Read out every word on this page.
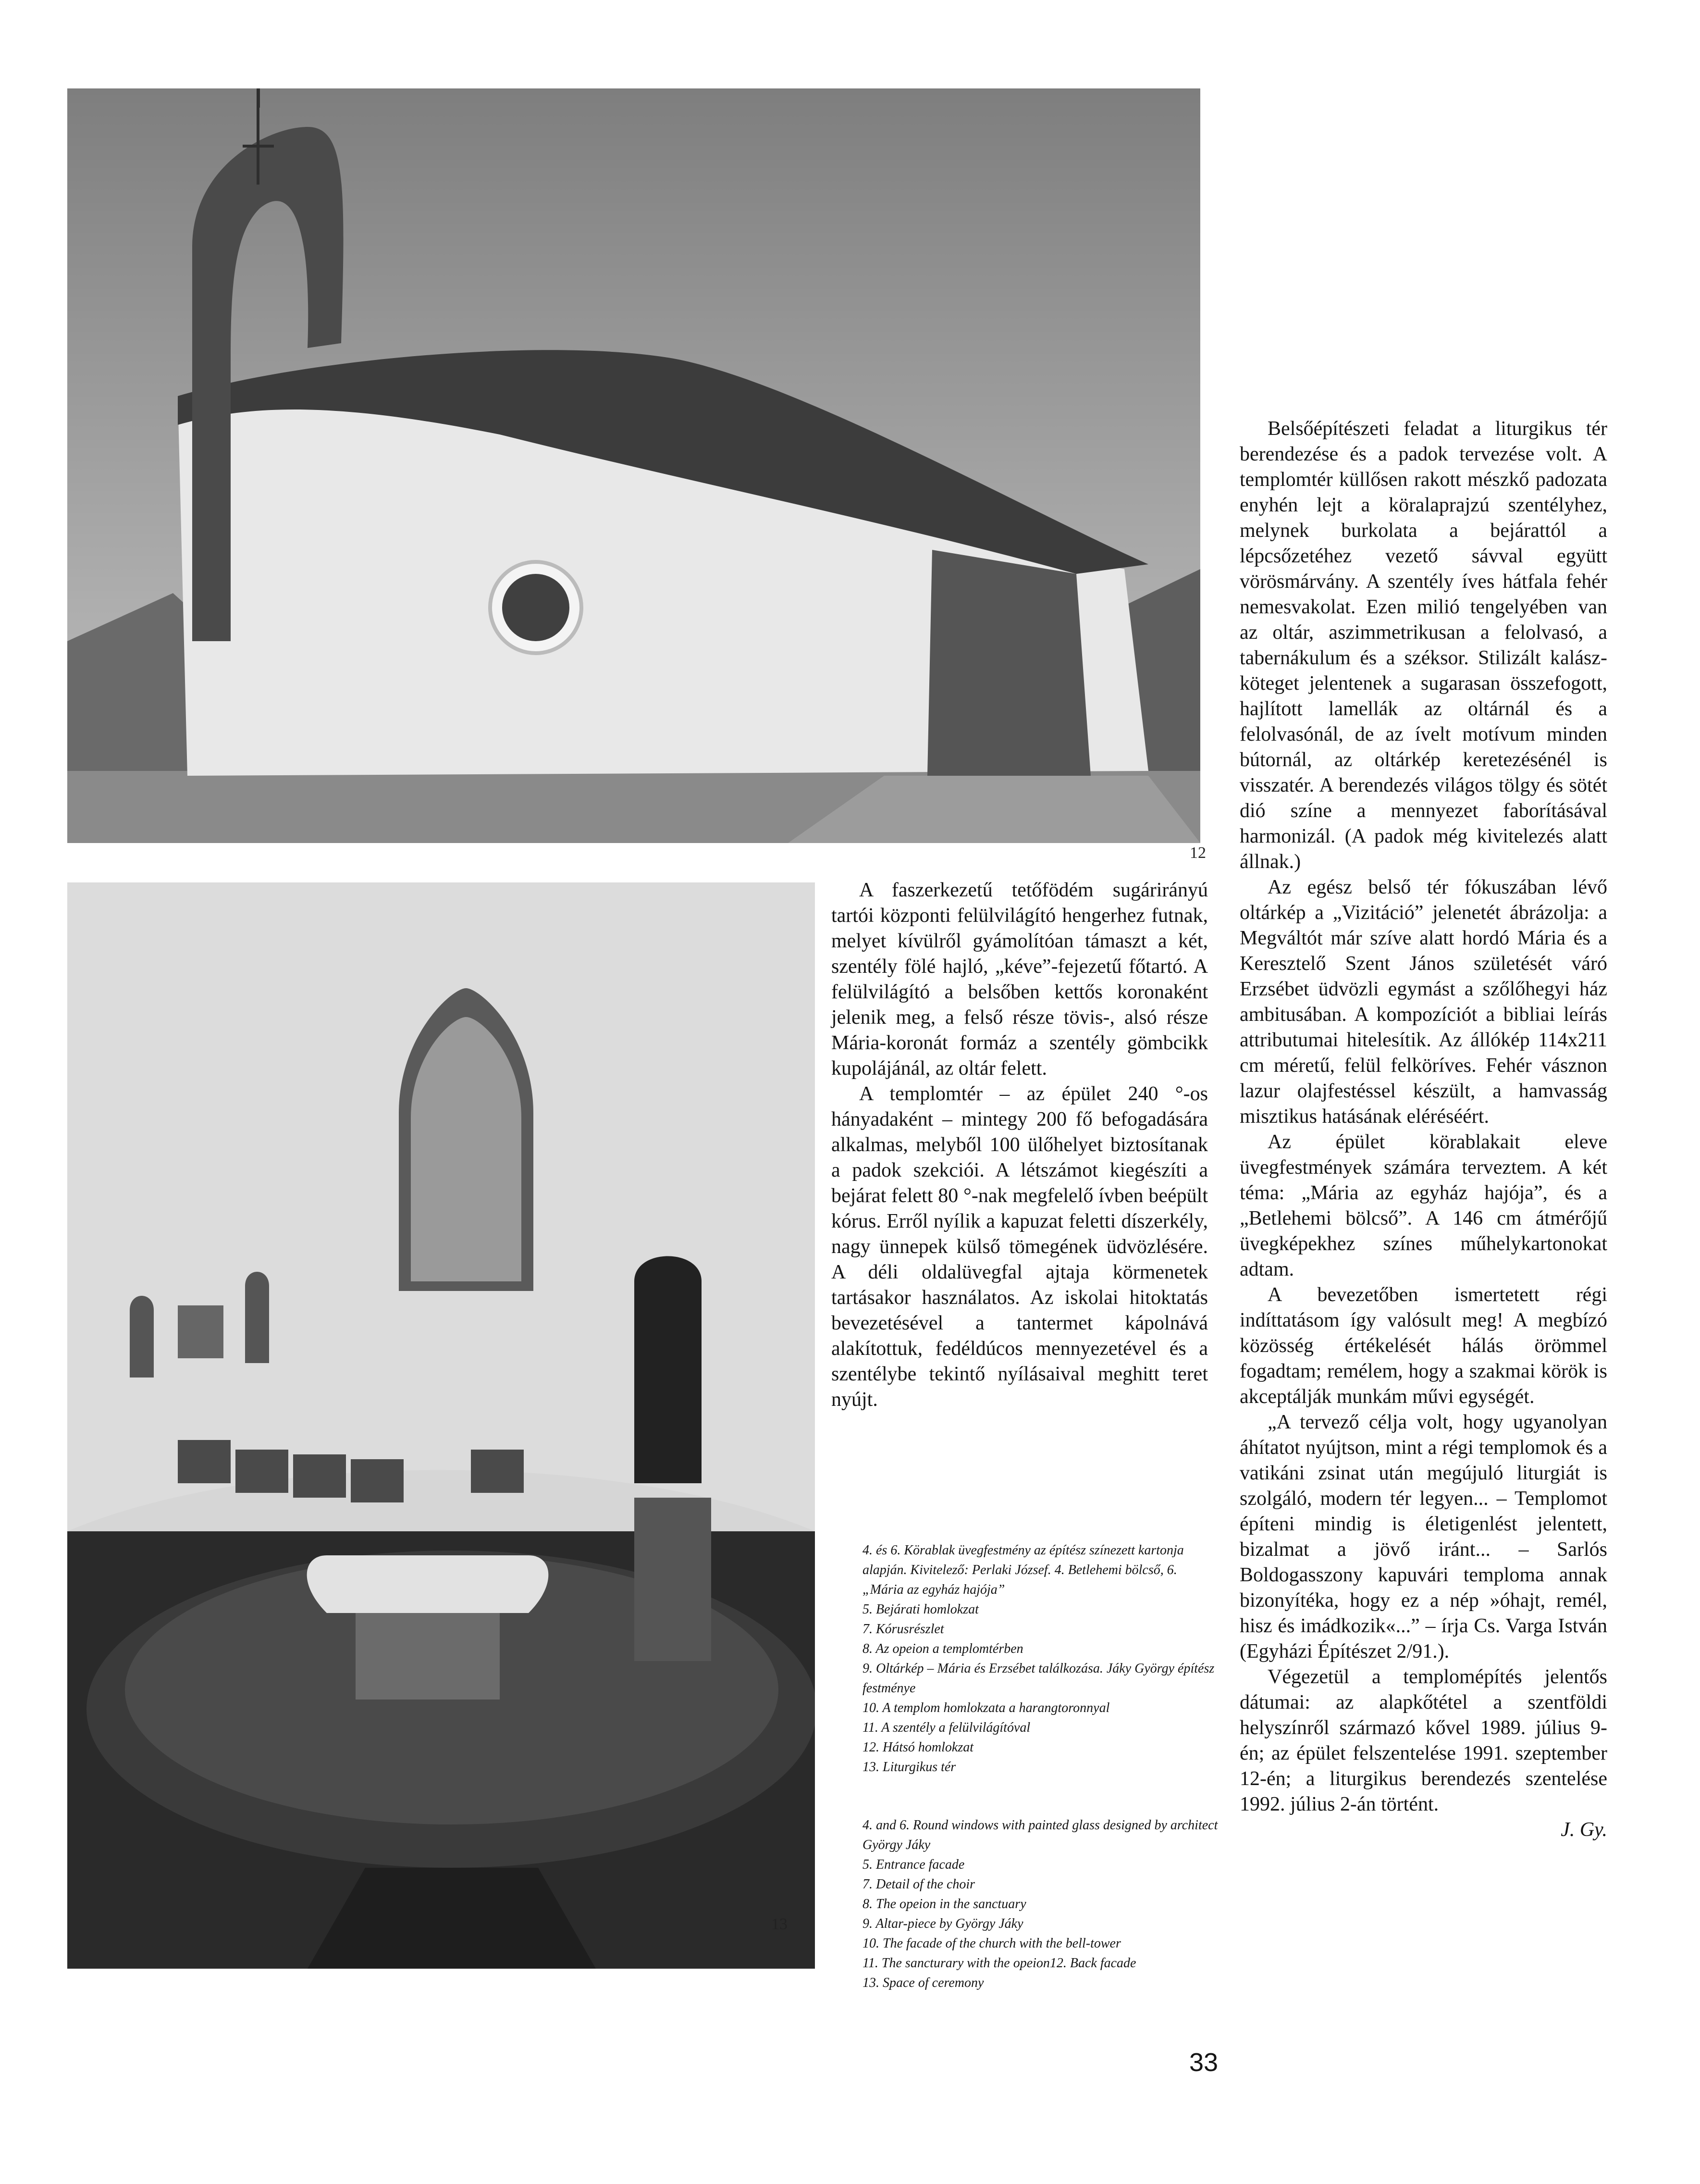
12
13

A faszerkezetű tetőfödém sugárirányú tartói központi felülvilágító hengerhez futnak, melyet kívülről gyámolítóan támaszt a két, szentély fölé hajló, „kéve”-fejezetű főtartó. A felülvilágító a belsőben kettős koronaként jelenik meg, a felső része tövis-, alsó része Mária-koronát formáz a szentély gömbcikk kupolájánál, az oltár felett.

A templomtér – az épület 240 °-os hányadaként – mintegy 200 fő befogadására alkalmas, melyből 100 ülőhelyet biztosítanak a padok szekciói. A létszámot kiegészíti a bejárat felett 80 °-nak megfelelő ívben beépült kórus. Erről nyílik a kapuzat feletti díszerkély, nagy ünnepek külső tömegének üdvözlésére. A déli oldalüvegfal ajtaja körmenetek tartásakor használatos. Az iskolai hitoktatás bevezetésével a tantermet kápolnává alakítottuk, fedéldúcos mennyezetével és a szentélybe tekintő nyílásaival meghitt teret nyújt.

4. és 6. Körablak üvegfestmény az építész színezett kartonja alapján. Kivitelező: Perlaki József. 4. Betlehemi bölcső, 6. „Mária az egyház hajója”
5. Bejárati homlokzat
7. Kórusrészlet
8. Az opeion a templomtérben
9. Oltárkép – Mária és Erzsébet találkozása. Jáky György építész festménye
10. A templom homlokzata a harangtoronnyal
11. A szentély a felülvilágítóval
12. Hátsó homlokzat
13. Liturgikus tér
4. and 6. Round windows with painted glass designed by architect György Jáky
5. Entrance facade
7. Detail of the choir
8. The opeion in the sanctuary
9. Altar-piece by György Jáky
10. The facade of the church with the bell-tower
11. The sancturary with the opeion12. Back facade
13. Space of ceremony

Belsőépítészeti feladat a liturgikus tér berendezése és a padok tervezése volt. A templomtér küllősen rakott mészkő padozata enyhén lejt a köralaprajzú szentélyhez, melynek burkolata a bejárattól a lépcsőzetéhez vezető sávval együtt vörösmárvány. A szentély íves hátfala fehér nemesvakolat. Ezen milió tengelyében van az oltár, aszimmetrikusan a felolvasó, a tabernákulum és a széksor. Stilizált kalász-köteget jelentenek a sugarasan összefogott, hajlított lamellák az oltárnál és a felolvasónál, de az ívelt motívum minden bútornál, az oltárkép keretezésénél is visszatér. A berendezés világos tölgy és sötét dió színe a mennyezet faborításával harmonizál. (A padok még kivitelezés alatt állnak.)

Az egész belső tér fókuszában lévő oltárkép a „Vizitáció” jelenetét ábrázolja: a Megváltót már szíve alatt hordó Mária és a Keresztelő Szent János születését váró Erzsébet üdvözli egymást a szőlőhegyi ház ambitusában. A kompozíciót a bibliai leírás attributumai hitelesítik. Az állókép 114x211 cm méretű, felül felköríves. Fehér vásznon lazur olajfestéssel készült, a hamvasság misztikus hatásának eléréséért.

Az épület körablakait eleve üvegfestmények számára terveztem. A két téma: „Mária az egyház hajója”, és a „Betlehemi bölcső”. A 146 cm átmérőjű üvegképekhez színes műhelykartonokat adtam.

A bevezetőben ismertetett régi indíttatásom így valósult meg! A megbízó közösség értékelését hálás örömmel fogadtam; remélem, hogy a szakmai körök is akceptálják munkám művi egységét.

„A tervező célja volt, hogy ugyanolyan áhítatot nyújtson, mint a régi templomok és a vatikáni zsinat után megújuló liturgiát is szolgáló, modern tér legyen... – Templomot építeni mindig is életigenlést jelentett, bizalmat a jövő iránt... – Sarlós Boldogasszony kapuvári temploma annak bizonyítéka, hogy ez a nép »óhajt, remél, hisz és imádkozik«...” – írja Cs. Varga István (Egyházi Építészet 2/91.).

Végezetül a templomépítés jelentős dátumai: az alapkőtétel a szentföldi helyszínről származó kővel 1989. július 9-én; az épület felszentelése 1991. szeptember 12-én; a liturgikus berendezés szentelése 1992. július 2-án történt.

J. Gy.

33
